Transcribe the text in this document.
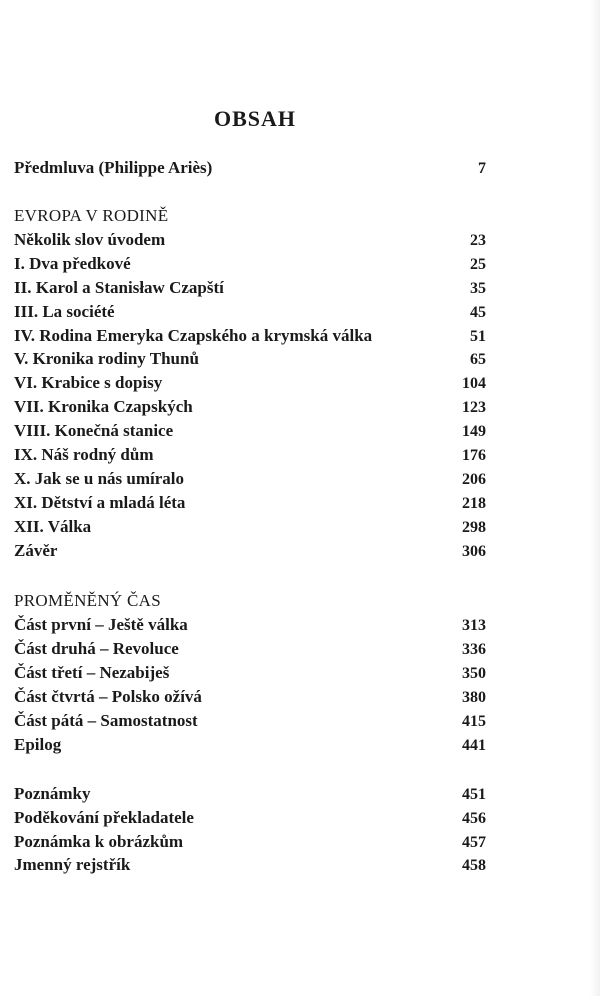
OBSAH
Předmluva (Philippe Ariès)	7
EVROPA V RODINĚ
Několik slov úvodem	23
I. Dva předkové	25
II. Karol a Stanisław Czapští	35
III. La société	45
IV. Rodina Emeryka Czapského a krymská válka	51
V. Kronika rodiny Thunů	65
VI. Krabice s dopisy	104
VII. Kronika Czapských	123
VIII. Konečná stanice	149
IX. Náš rodný dům	176
X. Jak se u nás umíralo	206
XI. Dětství a mladá léta	218
XII. Válka	298
Závěr	306
PROMĚNĚNÝ ČAS
Část první – Ještě válka	313
Část druhá – Revoluce	336
Část třetí – Nezabiješ	350
Část čtvrtá – Polsko ožívá	380
Část pátá – Samostatnost	415
Epilog	441
Poznámky	451
Poděkování překladatele	456
Poznámka k obrázkům	457
Jmenný rejstřík	458
